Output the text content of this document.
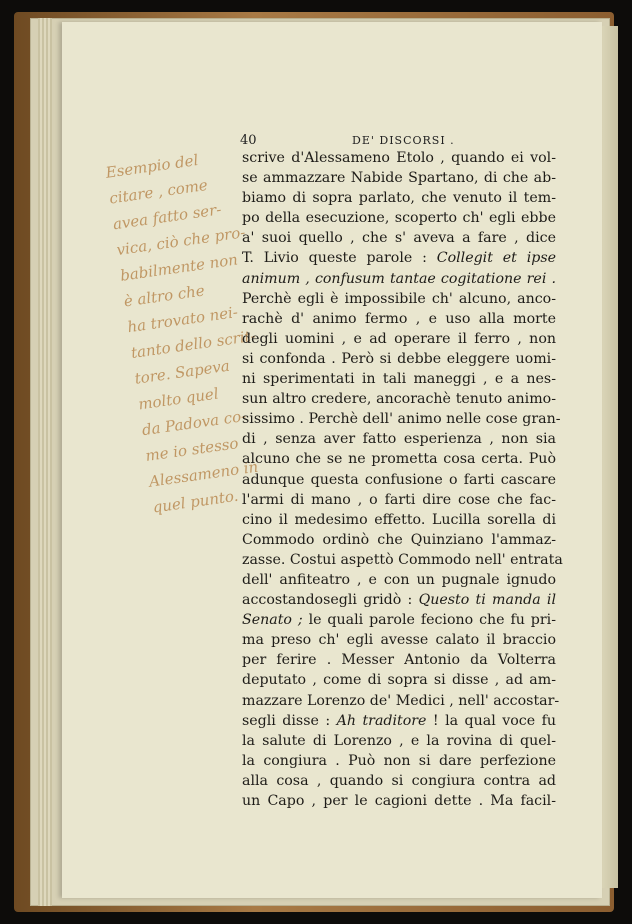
40	DE' DISCORSI .
Esempio del
citare , come
avea fatto ser-
vica, ciò che pro-
babilmente non
è altro che
ha trovato nei-
tanto dello scrit-
tore. Sapeva
molto quel
da Padova co-
me io stesso
Alessameno in
quel punto.
scrive d'Alessameno Etolo , quando ei vol-
se ammazzare Nabide Spartano, di che ab-
biamo di sopra parlato, che venuto il tem-
po della esecuzione, scoperto ch' egli ebbe
a' suoi quello , che s' aveva a fare , dice
T. Livio queste parole : Collegit et ipse
animum , confusum tantae cogitatione rei .
Perchè egli è impossibile ch' alcuno, anco-
rachè d' animo fermo , e uso alla morte
degli uomini , e ad operare il ferro , non
si confonda . Però si debbe eleggere uomi-
ni sperimentati in tali maneggi , e a nes-
sun altro credere, ancorachè tenuto animo-
sissimo . Perchè dell' animo nelle cose gran-
di , senza aver fatto esperienza , non sia
alcuno che se ne prometta cosa certa. Può
adunque questa confusione o farti cascare
l'armi di mano , o farti dire cose che fac-
cino il medesimo effetto. Lucilla sorella di
Commodo ordinò che Quinziano l'ammaz-
zasse. Costui aspettò Commodo nell' entrata
dell' anfiteatro , e con un pugnale ignudo
accostandosegli gridò : Questo ti manda il
Senato ; le quali parole feciono che fu pri-
ma preso ch' egli avesse calato il braccio
per ferire . Messer Antonio da Volterra
deputato , come di sopra si disse , ad am-
mazzare Lorenzo de' Medici , nell' accostar-
segli disse : Ah traditore ! la qual voce fu
la salute di Lorenzo , e la rovina di quel-
la congiura . Può non si dare perfezione
alla cosa , quando si congiura contra ad
un Capo , per le cagioni dette . Ma facil-
